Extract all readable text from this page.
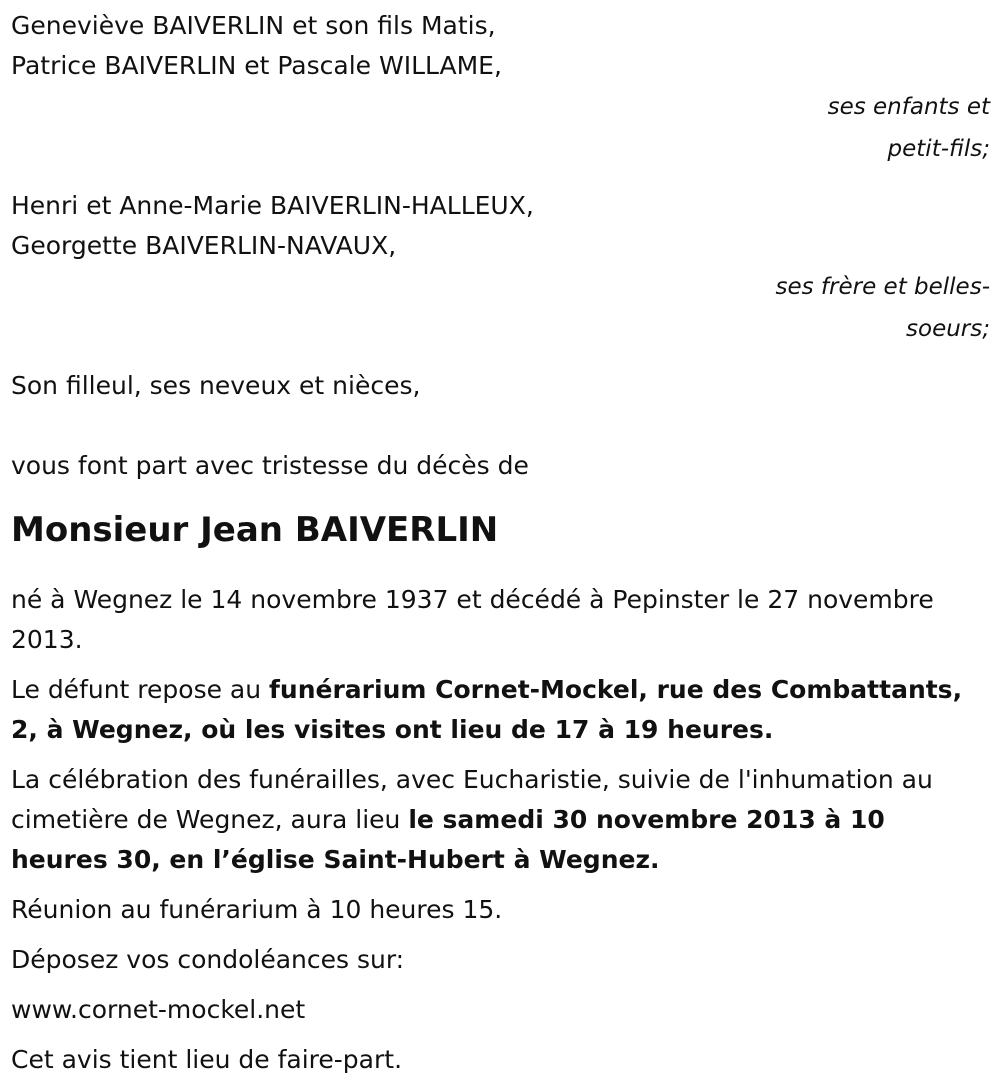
Geneviève BAIVERLIN et son fils Matis,

Patrice BAIVERLIN et Pascale WILLAME,

ses enfants et

petit-fils;

Henri et Anne-Marie BAIVERLIN-HALLEUX,

Georgette BAIVERLIN-NAVAUX,

ses frère et belles-

soeurs;

Son filleul, ses neveux et nièces,

vous font part avec tristesse du décès de

Monsieur Jean BAIVERLIN

né à Wegnez le 14 novembre 1937 et décédé à Pepinster le 27 novembre 2013.

Le défunt repose au funérarium Cornet-Mockel, rue des Combattants, 2, à Wegnez, où les visites ont lieu de 17 à 19 heures.

La célébration des funérailles, avec Eucharistie, suivie de l'inhumation au cimetière de Wegnez, aura lieu le samedi 30 novembre 2013 à 10 heures 30, en l’église Saint-Hubert à Wegnez.

Réunion au funérarium à 10 heures 15.

Déposez vos condoléances sur:

www.cornet-mockel.net

Cet avis tient lieu de faire-part.
